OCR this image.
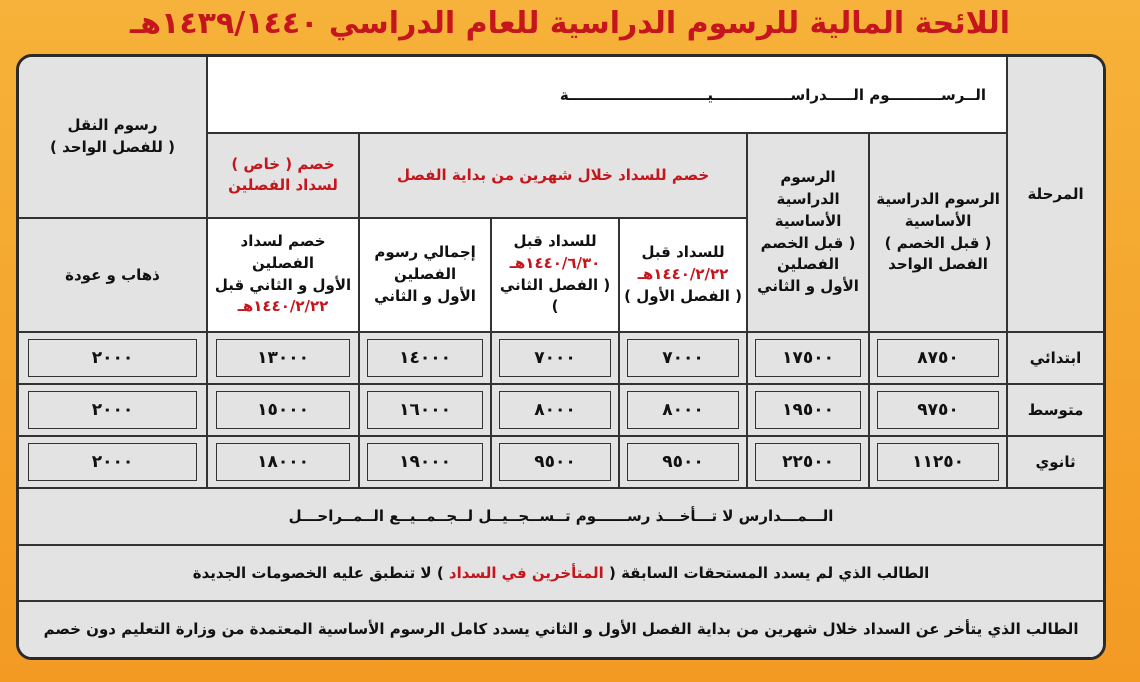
اللائحة المالية للرسوم الدراسية للعام الدراسي ١٤٣٩/١٤٤٠هـ
المرحلة	الــرســــــــــوم الـــــدراســـــــــــــــيـــــــــــــــــــــــــــة						رسوم النقل
( للفصل الواحد )
	الرسوم الدراسية
الأساسية
( قبل الخصم )
الفصل الواحد	الرسوم الدراسية
الأساسية
( قبل الخصم
الفصلين
الأول و الثاني	خصم للسداد خلال شهرين من بداية الفصل			خصم ( خاص )
لسداد الفصلين	
			للسداد قبل
١٤٤٠/٢/٢٢هـ
( الفصل الأول )	للسداد قبل
١٤٤٠/٦/٣٠هـ
( الفصل الثاني )	إجمالي رسوم
الفصلين
الأول و الثاني	خصم لسداد الفصلين
الأول و الثاني قبل
١٤٤٠/٢/٢٢هـ	ذهاب و عودة
ابتدائي	٨٧٥٠	١٧٥٠٠	٧٠٠٠	٧٠٠٠	١٤٠٠٠	١٣٠٠٠	٢٠٠٠
متوسط	٩٧٥٠	١٩٥٠٠	٨٠٠٠	٨٠٠٠	١٦٠٠٠	١٥٠٠٠	٢٠٠٠
ثانوي	١١٢٥٠	٢٢٥٠٠	٩٥٠٠	٩٥٠٠	١٩٠٠٠	١٨٠٠٠	٢٠٠٠
الـــمـــدارس لا تـــأخـــذ رســــــوم تــســجــيــل لــجــمــيــع الــمــراحـــل							
الطالب الذي لم يسدد المستحقات السابقة ( المتأخرين في السداد ) لا تنطبق عليه الخصومات الجديدة							
الطالب الذي يتأخر عن السداد خلال شهرين من بداية الفصل الأول و الثاني يسدد كامل الرسوم الأساسية المعتمدة من وزارة التعليم دون خصم							
